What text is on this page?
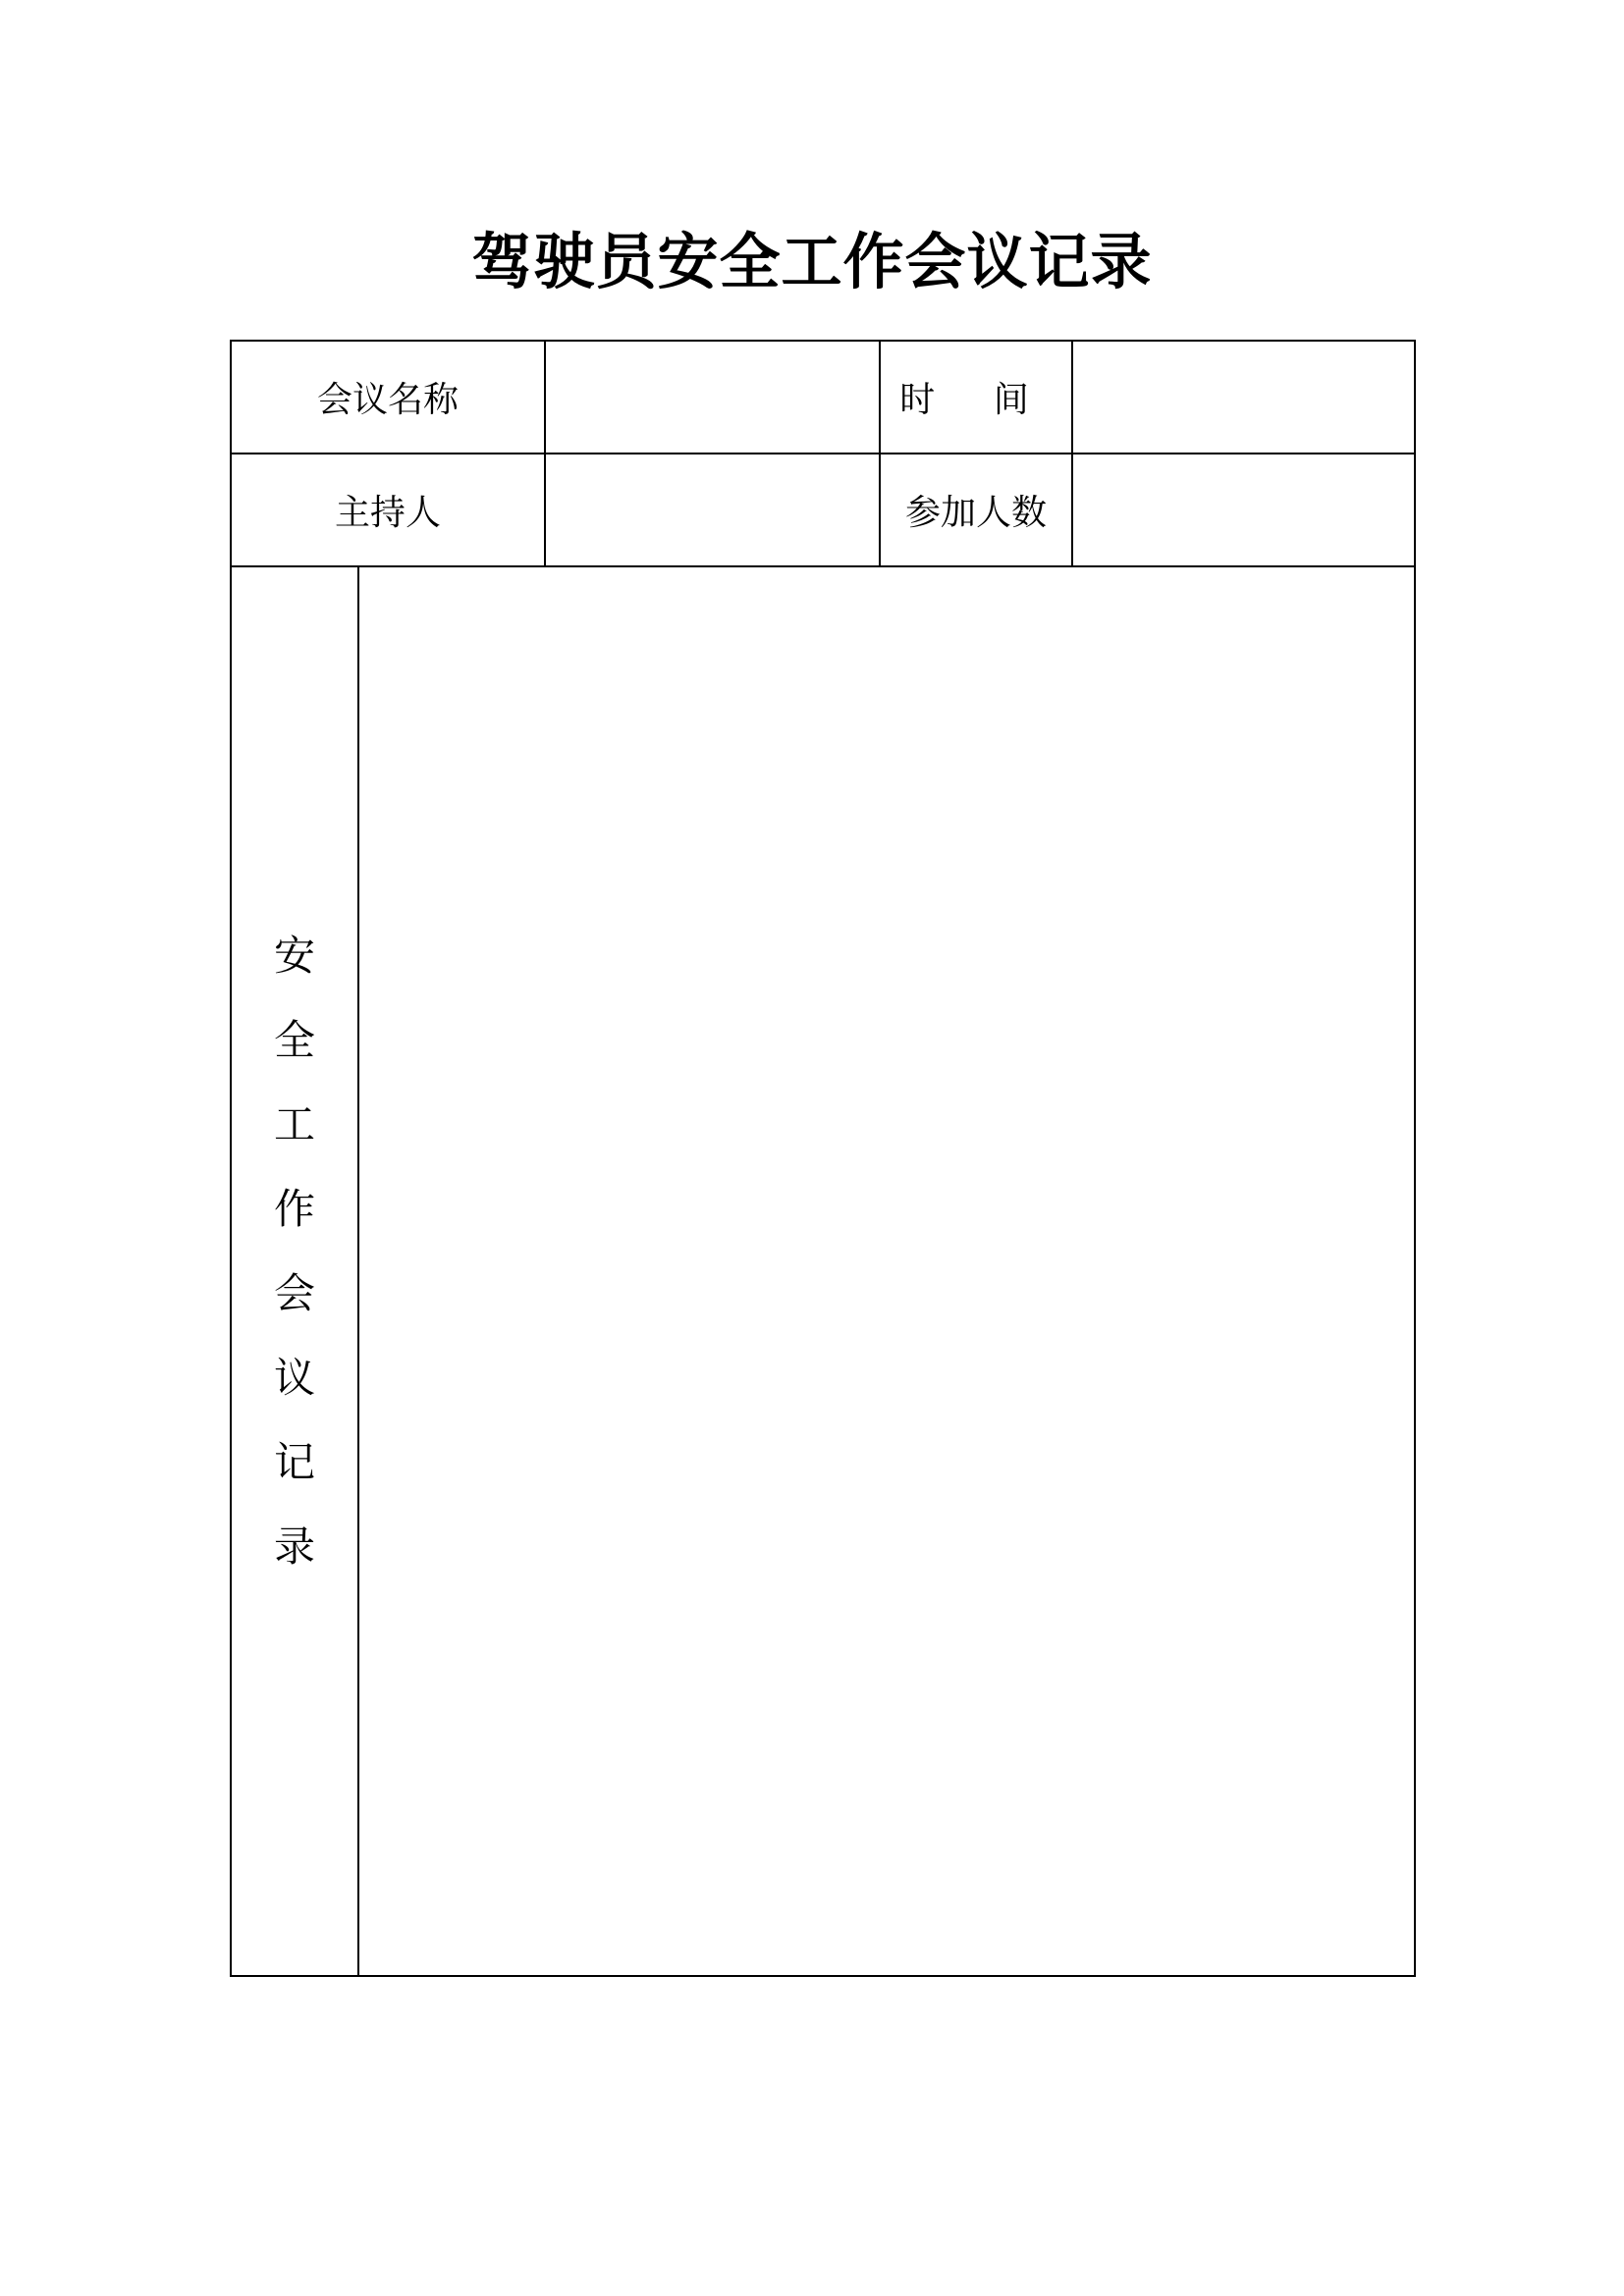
驾驶员安全工作会议记录
会议名称			时 间	
主持人			参加人数	
安全工作会议记录				
